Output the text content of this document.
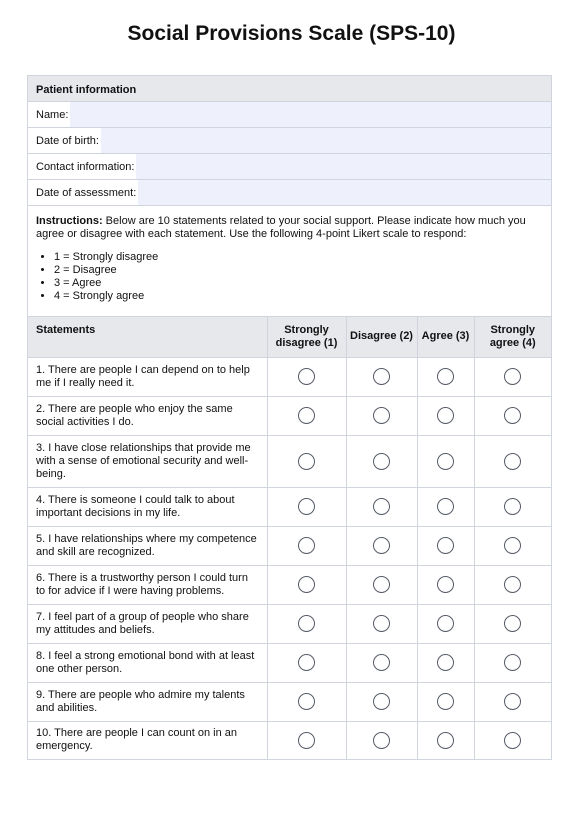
Social Provisions Scale (SPS-10)
Patient information
Name:
Date of birth:
Contact information:
Date of assessment:
Instructions: Below are 10 statements related to your social support. Please indicate how much you agree or disagree with each statement. Use the following 4-point Likert scale to respond:
• 1 = Strongly disagree
• 2 = Disagree
• 3 = Agree
• 4 = Strongly agree
Statements	Strongly disagree (1)	Disagree (2)	Agree (3)	Strongly agree (4)
1. There are people I can depend on to help me if I really need it.				
2. There are people who enjoy the same social activities I do.				
3. I have close relationships that provide me with a sense of emotional security and well-being.				
4. There is someone I could talk to about important decisions in my life.				
5. I have relationships where my competence and skill are recognized.				
6. There is a trustworthy person I could turn to for advice if I were having problems.				
7. I feel part of a group of people who share my attitudes and beliefs.				
8. I feel a strong emotional bond with at least one other person.				
9. There are people who admire my talents and abilities.				
10. There are people I can count on in an emergency.				
